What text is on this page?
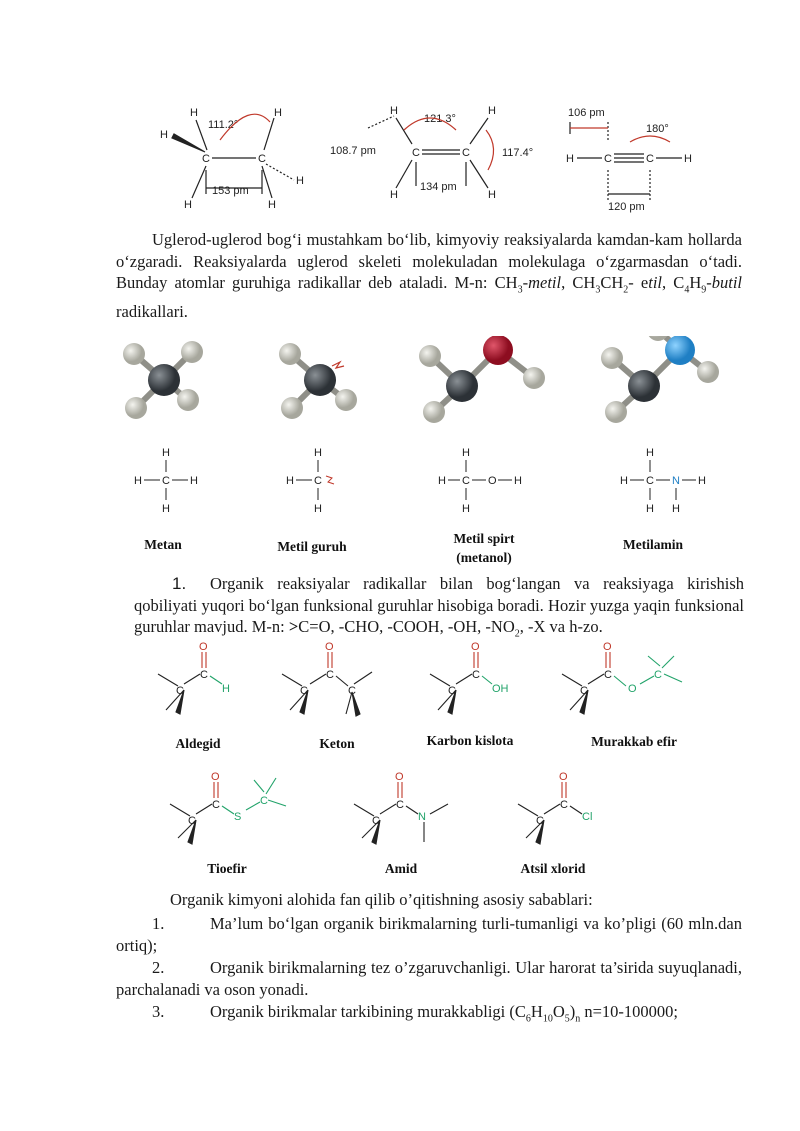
H	H
H
C	C
H
H	H
111.2°
153 pm
H	H
C	C
H	H
108.7 pm
121.3°
117.4°
134 pm
106 pm
180°
H	C	C	H
120 pm
Uglerod-uglerod bog‘i mustahkam bo‘lib, kimyoviy reaksiyalarda kamdan-kam hollarda o‘zgaradi. Reaksiyalarda uglerod skeleti molekuladan molekulaga o‘zgarmasdan o‘tadi. Bunday atomlar guruhiga radikallar deb ataladi. M-n: $CH_3$-metil, $CH_3CH_2-$ etil, $C_4H_9$-butil radikallari.
H
H C H
H
H
H C
H
H
H C O H
H
H
H C N H
H H
Metan	Metil guruh
Metil spirt
(metanol)
Metilamin
1. Organik reaksiyalar radikallar bilan bog‘langan va reaksiyaga kirishish qobiliyati yuqori bo‘lgan funksional guruhlar hisobiga boradi. Hozir yuzga yaqin funksional guruhlar mavjud. M-n: >C=O, -CHO, -COOH, -OH, $-NO_2$, -X va h-zo.
C
C
O
H	C
C
O
C	C
C
O
OH	C
C
O
O
C
C
C
O
S
C
C
C
O
N	C
C
O
Cl
Aldegid	Keton	Karbon kislota	Murakkab efir
Tioefir	Amid	Atsil xlorid
Organik kimyoni alohida fan qilib o’qitishning asosiy sabablari:
1.	Ma’lum bo‘lgan organik birikmalarning turli-tumanligi va ko’pligi (60 mln.dan ortiq);
2.	Organik birikmalarning tez o’zgaruvchanligi. Ular harorat ta’sirida suyuqlanadi, parchalanadi va oson yonadi.
3.	Organik birikmalar tarkibining murakkabligi $(C_6H_{10}O_5)_n$ n=10-100000;
